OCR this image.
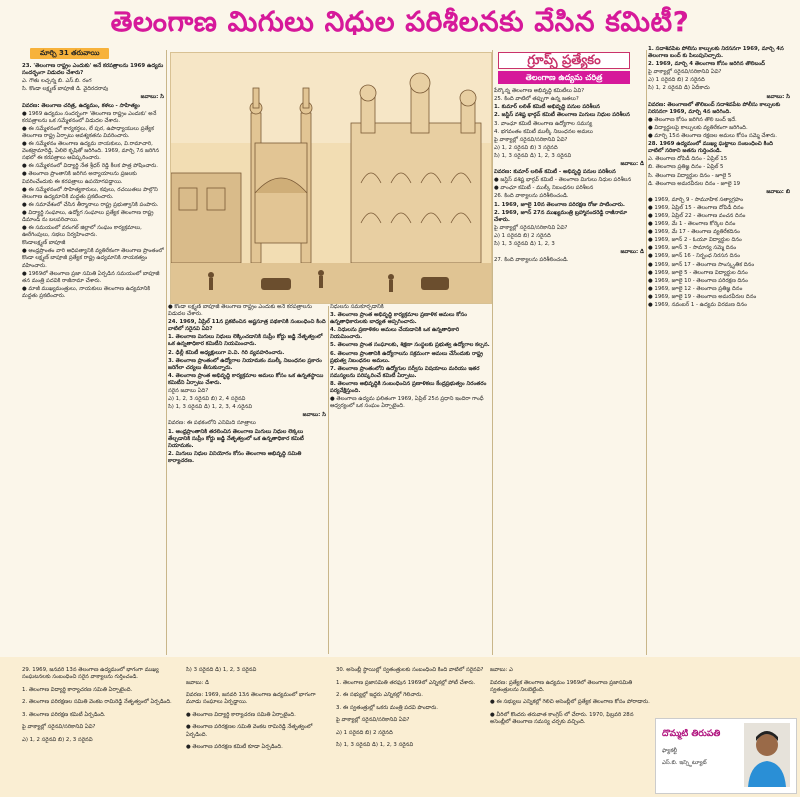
తెలంగాణ మిగులు నిధుల పరిశీలనకు వేసిన కమిటీ?
మార్చి 31 తరువాయి

23. 'తెలంగాణ రాష్ట్రం ఎందుకు' అనే కరపత్రాలను 1969 ఉద్యమ సందర్భంగా విడుదల చేశారు?

ఎ. గౌతు లచ్చన్న బి. ఎస్.బి. రంగ

సి. కొండా లక్ష్మణ్ బాపూజీ డి. వైదిరదరావు

జవాబు: సి

వివరణ: తెలంగాణ చరిత్ర, ఉద్యమం, కళలు - సాహిత్యం

● 1969 ఉద్యమం సందర్భంగా 'తెలంగాణ రాష్ట్రం ఎందుకు' అనే కరపత్రాలను ఒక సమ్మేళనంలో విడుదల చేశారు.

● ఈ సమ్మేళనంలో కార్యకర్తలు, లే పుర, ఉపాధ్యాయులు ప్రత్యేక తెలంగాణ రాష్ట్ర ఏర్పాటు ఆవశ్యకతను వివరించారు.

● ఈ సమ్మేళనం తెలంగాణ ఉద్యమ నాయకులు, వి.రామాచారి, వెంకట్రామారెడ్డి, ఏలిలె కృషితో జరిగింది. 1969, మార్చి 7న జరిగిన సభలో ఈ కరపత్రాలు ఆవిష్కరించారు.

● ఈ సమ్మేళనంలో విద్యార్థి నేత శ్రీధర్ రెడ్డి కీలక పాత్ర పోషించారు.

● తెలంగాణ ప్రాంతానికి జరిగిన అన్యాయాలను ప్రజలకు వివరించేందుకు ఈ కరపత్రాలు ఉపయోగపడ్డాయి.

● ఈ సమ్మేళనంలో సాహిత్యకారులు, కవులు, రచయితలు పాల్గొని తెలంగాణ ఉద్యమానికి మద్దతు ప్రకటించారు.

● ఈ సమావేశంలో చేసిన తీర్మానాలు రాష్ట్ర ప్రభుత్వానికి పంపారు.

● విద్యార్థి సంఘాలు, ఉద్యోగ సంఘాలు ప్రత్యేక తెలంగాణ రాష్ట్ర డిమాండ్ ను బలపరిచాయి.

● ఈ సమయంలో వరంగల్ జిల్లాలో సంఘం కార్యక్రమాలు, ఊరేగింపులు, సభలు నిర్వహించారు.

కొండాలక్ష్మణ్ బాపూజీ

● ఆంధ్రప్రాంతం వారి ఆధిపత్యానికి వ్యతిరేకంగా తెలంగాణ ప్రాంతంలో కొండా లక్ష్మణ్ బాపూజీ ప్రత్యేక రాష్ట్ర ఉద్యమానికి నాయకత్వం వహించారు.

● 1969లో తెలంగాణ ప్రజా సమితి ఏర్పడిన సమయంలో బాపూజీ తన మంత్రి పదవికి రాజీనామా చేశారు.

● మాజీ ముఖ్యమంత్రులు, నాయకులు తెలంగాణ ఉద్యమానికి మద్దతు ప్రకటించారు.

● కొండా లక్ష్మణ్ బాపూజీ తెలంగాణ రాష్ట్రం ఎందుకు అనే కరపత్రాలను విడుదల చేశారు.

24. 1969, ఏప్రిల్ 11న ప్రకటించిన అష్టసూత్ర పథకానికి సంబంధించి కింది వాటిలో సరైనవి ఏవి?

1. తెలంగాణ మిగులు నిధులు లెక్కించడానికి సుప్రీం కోర్టు జడ్జి నేతృత్వంలో ఒక ఉన్నతాధికార కమిటీని నియమించారు.

2. ఢిల్లీ కమిటీ అధ్యక్షులుగా వి.వి. గిరి వ్యవహరించారు.

3. తెలంగాణ ప్రాంతంలో ఉద్యోగాల నియామకం ముల్కీ నిబంధనల ప్రకారం జరిగేలా చర్యలు తీసుకున్నారు.

4. తెలంగాణ ప్రాంత అభివృద్ధి కార్యక్రమాల అమలు కోసం ఒక ఉన్నతస్థాయి కమిటీని ఏర్పాటు చేశారు.

సరైన జవాబు ఏది?

ఎ) 1, 2, 3 సరైనవి బి) 2, 4 సరైనవి

సి) 1, 3 సరైనవి డి) 1, 2, 3, 4 సరైనవి

జవాబు: సి

వివరణ: ఈ పథకంలోని ఎనిమిది సూత్రాలు

1. ఆంధ్రప్రాంతానికి తరలించిన తెలంగాణ మిగులు నిధుల లెక్కలు తేల్చడానికి సుప్రీం కోర్టు జడ్జి నేతృత్వంలో ఒక ఉన్నతాధికార కమిటీ నియామకం.

2. మిగులు నిధుల వినియోగం కోసం తెలంగాణ అభివృద్ధి సమితి కార్యాచరణ.

నిధులను సమకూర్చడానికి

3. తెలంగాణ ప్రాంత అభివృద్ధి కార్యక్రమాల ప్రణాళిక అమలు కోసం ఉన్నతాధికారులకు బాధ్యత అప్పగించారు.

4. నిధులను ప్రణాళికల అమలు చేయడానికి ఒక ఉన్నతాధికారి నియమించారు.

5. తెలంగాణ ప్రాంత సంఘాలకు, శిక్షణా సంస్థలకు ప్రభుత్వ ఉద్యోగాల కల్పన.

6. తెలంగాణ ప్రాంతానికి ఉద్యోగాలను సక్రమంగా అమలు చేసేందుకు రాష్ట్ర ప్రభుత్వ నిబంధనల అమలు.

7. తెలంగాణ ప్రాంతంలోని ఉద్యోగుల సర్వీసు విషయాలు మరియు ఇతర సమస్యలను పరిష్కరించే కమిటీ ఏర్పాటు.

8. తెలంగాణ అభివృద్ధికి సంబంధించిన ప్రణాళికలు కేంద్రప్రభుత్వం నిరంతరం పర్యవేక్షిస్తుంది.

● తెలంగాణ ఉద్యమ ఫలితంగా 1969, ఏప్రిల్ 25న ప్రధాని ఇందిరా గాంధీ ఆధ్వర్యంలో ఒక సంఘం ఏర్పాటైంది.

గ్రూప్స్ ప్రత్యేకం
తెలంగాణ ఉద్యమ చరిత్ర

పేర్కొన్న తెలంగాణ అభివృద్ధి కమిటీలు ఏవి?

25. కింది వాటిలో తప్పుగా ఉన్న జతలు?

1. కుమార్ లలిత్ కమిటీ అభివృద్ధి పనుల పరిశీలన

2. జస్టిస్ వశిష్ట భార్గవ్ కమిటీ తెలంగాణ మిగులు నిధుల పరిశీలన

3. వాంఛూ కమిటీ తెలంగాణ ఉద్యోగాల సమస్య

4. భగవంతం కమిటీ ముల్కీ నిబంధనల అమలు

పై వాక్యాల్లో సరైనవి/సరికానివి ఏవి?

ఎ) 1, 2 సరైనవి బి) 3 సరైనది

సి) 1, 3 సరైనవి డి) 1, 2, 3 సరైనవి

జవాబు: డి

వివరణ: కుమార్ లలిత్ కమిటీ - అభివృద్ధి పనుల పరిశీలన

● జస్టిస్ వశిష్ట భార్గవ్ కమిటీ - తెలంగాణ మిగులు నిధుల పరిశీలన

● వాంఛూ కమిటీ - ముల్కీ నిబంధనల పరిశీలన

26. కింది వాక్యాలను పరిశీలించండి.

1. 1969, జూలై 10న తెలంగాణ పరిరక్షణ రోజు పాటించారు.

2. 1969, జూన్ 27న ముఖ్యమంత్రి బ్రహ్మానందరెడ్డి రాజీనామా చేశారు.

పై వాక్యాల్లో సరైనవి/సరికానివి ఏవి?

ఎ) 1 సరైనది బి) 2 సరైనది

సి) 1, 3 సరైనవి డి) 1, 2, 3

జవాబు: డి

27. కింది వాక్యాలను పరిశీలించండి.

1. సదాశివపేట పోలీసు కాల్పులకు నిరసనగా 1969, మార్చి 4న తెలంగాణ బంద్ కు పిలుపునిచ్చారు.

2. 1969, మార్చి 4 తెలంగాణ కోసం జరిగిన తొలిబంద్

పై వాక్యాల్లో సరైనవి/సరికానివి ఏవి?

ఎ) 1 సరైనది బి) 2 సరైనది

సి) 1, 2 సరైనవి డి) ఏదీకాదు

జవాబు: సి

వివరణ: తెలంగాణలో తొలిబంద్ సదాశివపేట పోలీసు కాల్పులకు నిరసనగా 1969, మార్చి 4న జరిగింది.

● తెలంగాణ కోసం జరిగిన తొలి బంద్ ఇదే.

● విద్యార్థులపై కాల్పులకు వ్యతిరేకంగా జరిగింది.

● మార్చి 15న తెలంగాణ రక్షణల అమలు కోసం సమ్మె చేశారు.

28. 1969 ఉద్యమంలో ముఖ్య ఘట్టాలు సంబంధించి కింది వాటిలో సరికాని జతను గుర్తించండి.

ఎ. తెలంగాణ దోపిడీ దినం - ఏప్రిల్ 15

బి. తెలంగాణ ప్రతిజ్ఞ దినం - ఏప్రిల్ 5

సి. తెలంగాణ విద్యార్థుల దినం - జూలై 5

డి. తెలంగాణ అమరవీరుల దినం - జూలై 19

జవాబు: బి

● 1969, మార్చి 9 - సామూహిక సత్యాగ్రహం

● 1969, ఏప్రిల్ 15 - తెలంగాణ దోపిడీ దినం

● 1969, ఏప్రిల్ 22 - తెలంగాణ వంచన దినం

● 1969, మే 1 - తెలంగాణ కోర్కెల దినం

● 1969, మే 17 - తెలంగాణ వ్యతిరేకదినం

● 1969, జూన్ 2 - ఓయూ విద్యార్థుల దినం

● 1969, జూన్ 3 - సామాన్య సమ్మె దినం

● 1969, జూన్ 16 - నిర్బంధ నిరసన దినం

● 1969, జూన్ 17 - తెలంగాణ సాంస్కృతిక దినం

● 1969, జూలై 5 - తెలంగాణ విద్యార్థుల దినం

● 1969, జూలై 10 - తెలంగాణ పరిరక్షణ దినం

● 1969, జూలై 12 - తెలంగాణ ప్రతిజ్ఞ దినం

● 1969, జూలై 19 - తెలంగాణ అమరవీరుల దినం

● 1969, నవంబర్ 1 - ఉద్యమ విరమణ దినం

29. 1969, జనవరి 13న తెలంగాణ ఉద్యమంలో భాగంగా ముఖ్య సంఘటనలకు సంబంధించి సరైన వాక్యాలను గుర్తించండి.

1. తెలంగాణ విద్యార్థి కార్యాచరణ సమితి ఏర్పాటైంది.

2. తెలంగాణ పరిరక్షణల సమితి వెంకట రామిరెడ్డి నేతృత్వంలో ఏర్పడింది.

3. తెలంగాణ పరిరక్షణ కమిటీ ఏర్పడింది.

పై వాక్యాల్లో సరైనవి/సరికానివి ఏవి?

ఎ) 1, 2 సరైనవి బి) 2, 3 సరైనవి

సి) 3 సరైనది డి) 1, 2, 3 సరైనవి

జవాబు: డి

వివరణ: 1969, జనవరి 13న తెలంగాణ ఉద్యమంలో భాగంగా మూడు సంఘాలు ఏర్పడ్డాయి.

● తెలంగాణ విద్యార్థి కార్యాచరణ సమితి ఏర్పాటైంది.

● తెలంగాణ పరిరక్షణల సమితి వెంకట రామిరెడ్డి నేతృత్వంలో ఏర్పడింది.

● తెలంగాణ పరిరక్షణ కమిటీ కూడా ఏర్పడింది.

30. అసెంబ్లీ స్థాయిల్లో స్వతంత్రులకు సంబంధించి కింది వాటిలో సరైనవి?

1. తెలంగాణ ప్రజాసమితి తరఫున 1969లో ఎన్నికల్లో పోటీ చేశారు.

2. ఈ సభ్యుల్లో ఇద్దరు ఎన్నికల్లో గెలిచారు.

3. ఈ స్వతంత్రుల్లో ఒకరు మంత్రి పదవి పొందారు.

పై వాక్యాల్లో సరైనవి/సరికానివి ఏవి?

ఎ) 1 సరైనది బి) 2 సరైనది

సి) 1, 3 సరైనవి డి) 1, 2, 3 సరైనవి

జవాబు: ఎ

వివరణ: ప్రత్యేక తెలంగాణ ఉద్యమం 1969లో తెలంగాణ ప్రజాసమితి స్వతంత్రులను నిలబెట్టింది.

● ఈ సభ్యులు ఎన్నికల్లో గెలిచి అసెంబ్లీలో ప్రత్యేక తెలంగాణ కోసం పోరాడారు.

● వీరిలో కొందరు తరువాత కాంగ్రెస్ లో చేరారు. 1970, ఫిబ్రవరి 28న అసెంబ్లీలో తెలంగాణ సమస్య చర్చకు వచ్చింది.

దొమ్మటి తిరుపతి
ఫ్యాకల్టీ
ఎస్.బి. ఇన్స్టిట్యూట్
